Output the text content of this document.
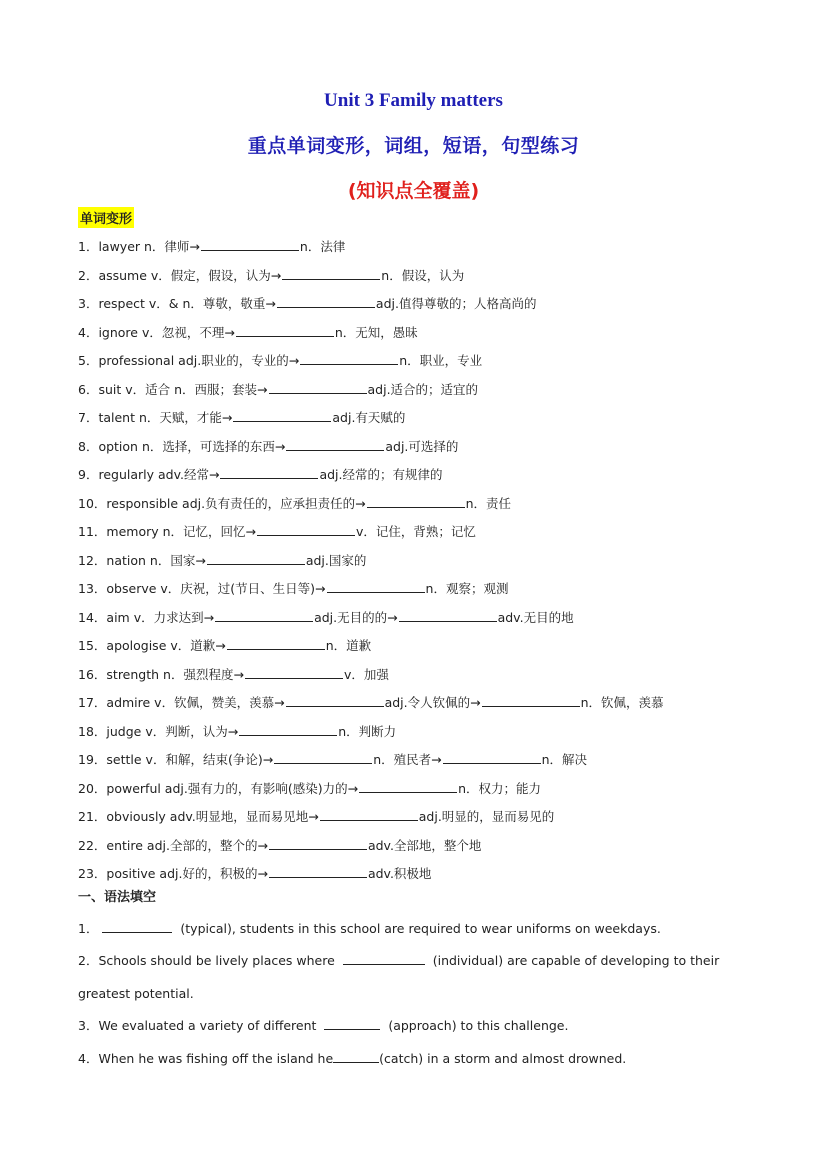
Unit 3 Family matters
重点单词变形，词组，短语，句型练习
(知识点全覆盖)
单词变形
1．lawyer n．律师→	n．法律
2．assume v．假定，假设，认为→	n．假设，认为
3．respect v．& n．尊敬，敬重→	adj.值得尊敬的；人格高尚的
4．ignore v．忽视，不理→	n．无知，愚昧
5．professional adj.职业的，专业的→	n．职业，专业
6．suit v．适合 n．西服；套装→	adj.适合的；适宜的
7．talent n．天赋，才能→	adj.有天赋的
8．option n．选择，可选择的东西→	adj.可选择的
9．regularly adv.经常→	adj.经常的；有规律的
10．responsible adj.负有责任的，应承担责任的→	n．责任
11．memory n．记忆，回忆→	v．记住，背熟；记忆
12．nation n．国家→	adj.国家的
13．observe v．庆祝，过(节日、生日等)→	n．观察；观测
14．aim v．力求达到→	adj.无目的的→	adv.无目的地
15．apologise v．道歉→	n．道歉
16．strength n．强烈程度→	v．加强
17．admire v．钦佩，赞美，羡慕→	adj.令人钦佩的→	n．钦佩，羡慕
18．judge v．判断，认为→	n．判断力
19．settle v．和解，结束(争论)→	n．殖民者→	n．解决
20．powerful adj.强有力的，有影响(感染)力的→	n．权力；能力
21．obviously adv.明显地，显而易见地→	adj.明显的，显而易见的
22．entire adj.全部的，整个的→	adv.全部地，整个地
23．positive adj.好的，积极的→	adv.积极地
一、语法填空
1．	(typical), students in this school are required to wear uniforms on weekdays.
2．Schools should be lively places where	(individual) are capable of developing to their greatest potential.
3．We evaluated a variety of different	(approach) to this challenge.
4．When he was fishing off the island he	(catch) in a storm and almost drowned.
